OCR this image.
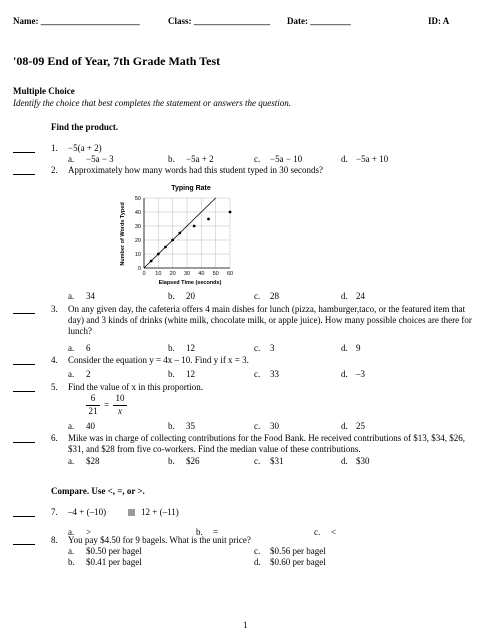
Name: ______________________	Class: _________________ Date: _________	ID: A
'08-09 End of Year, 7th Grade Math Test
Multiple Choice
Identify the choice that best completes the statement or answers the question.
Find the product.
1. −5(a + 2)
a. −5a − 3	b. −5a + 2	c. −5a − 10	d. −5a + 10
2. Approximately how many words had this student typed in 30 seconds?
Typing Rate
0 10 20 30 40 50 60
0
10
20
30
40
50
Elapsed Time (seconds)
Number of Words Typed
a. 34	b. 20	c. 28	d. 24
3. On any given day, the cafeteria offers 4 main dishes for lunch (pizza, hamburger,taco, or the featured item that day) and 3 kinds of drinks (white milk, chocolate milk, or apple juice). How many possible choices are there for lunch?
a. 6	b. 12	c. 3	d. 9
4. Consider the equation y = 4x – 10. Find y if x = 3.
a. 2	b. 12	c. 33	d. –3
5. Find the value of x in this proportion.
6
21
=
10
x
a. 40	b. 35	c. 30	d. 25
6. Mike was in charge of collecting contributions for the Food Bank. He received contributions of $13, $34, $26, $31, and $28 from five co-workers. Find the median value of these contributions.
a. $28	b. $26	c. $31	d. $30
Compare. Use <, =, or >.
7. –4 + (–10)	12 + (–11)
a. >	b. =	c. <
8. You pay $4.50 for 9 bagels. What is the unit price?
a. $0.50 per bagel
b. $0.41 per bagel
c. $0.56 per bagel
d. $0.60 per bagel
1
